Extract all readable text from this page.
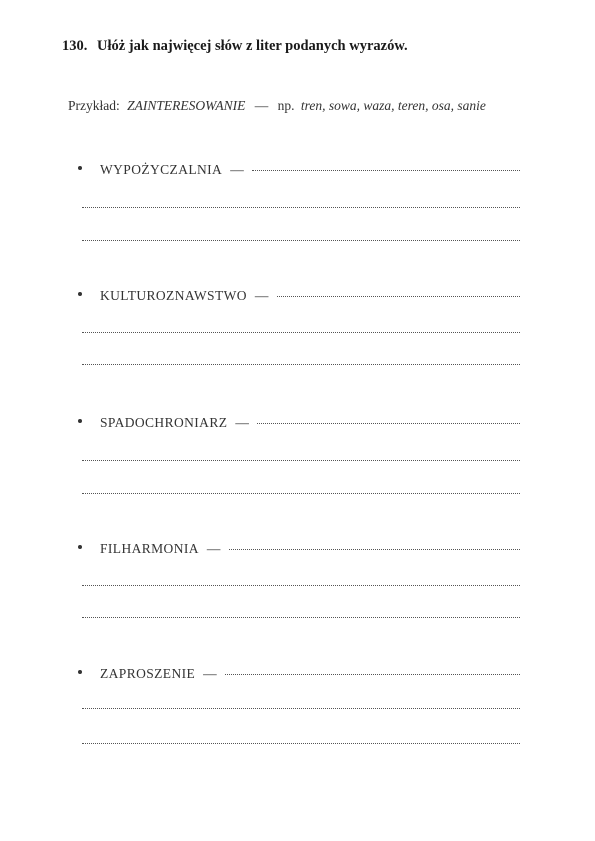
130. Ułóż jak najwięcej słów z liter podanych wyrazów.
Przykład: ZAINTERESOWANIE — np. tren, sowa, waza, teren, osa, sanie
WYPOŻYCZALNIA —
KULTUROZNAWSTWO —
SPADOCHRONIARZ —
FILHARMONIA —
ZAPROSZENIE —
